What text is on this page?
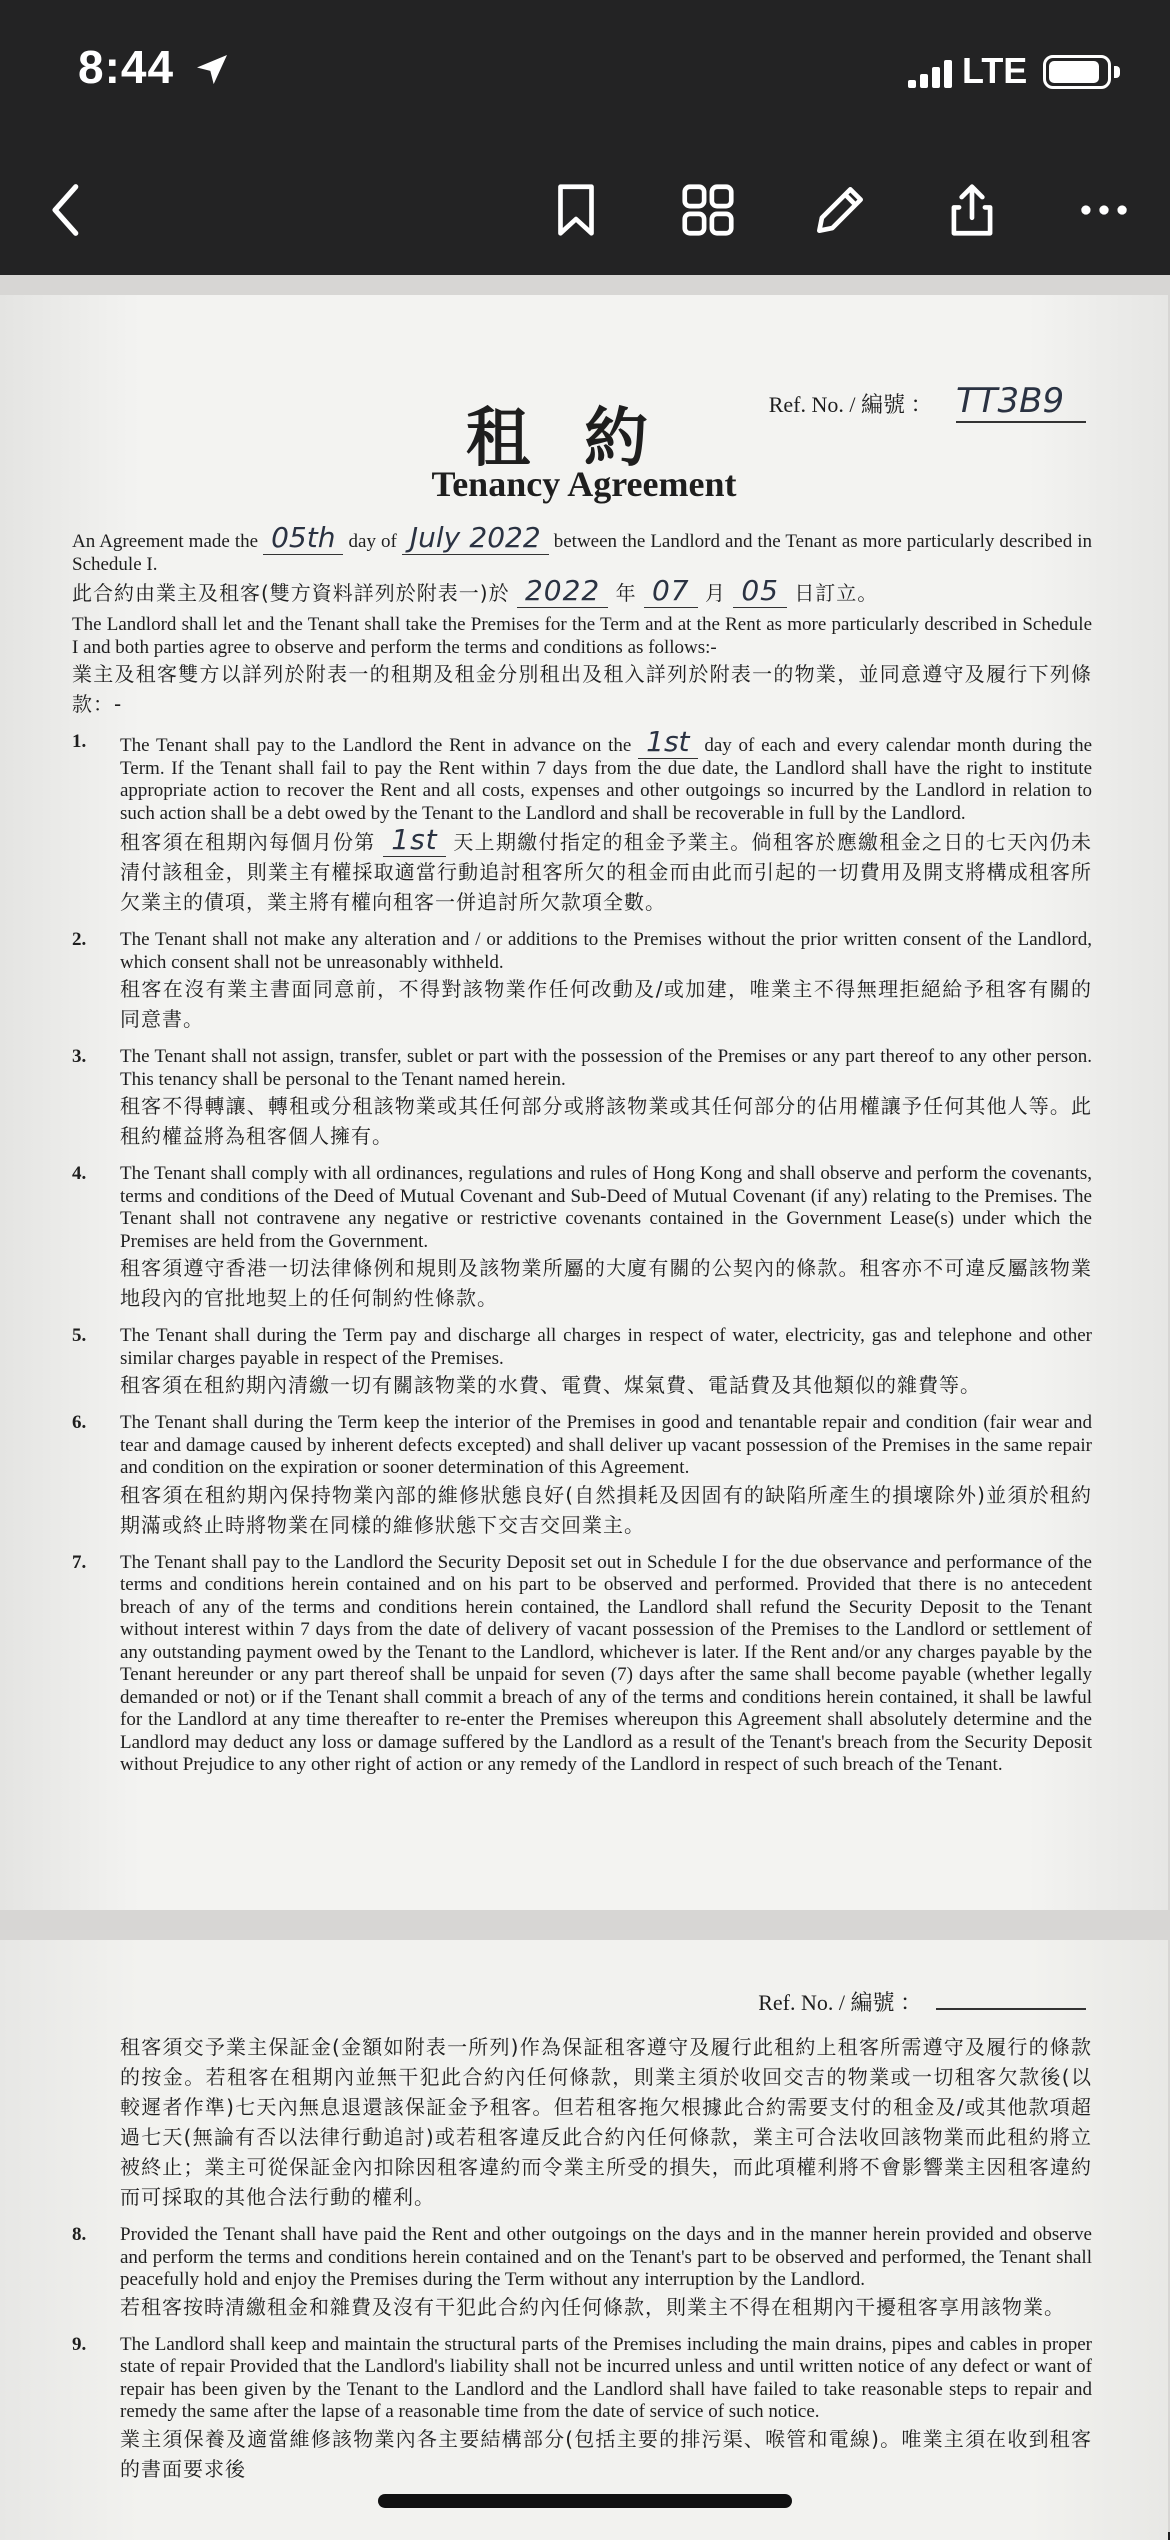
8:44	LTE
Ref. No. / 編號 ： TT3B9
租約
Tenancy Agreement

An Agreement made the 05th day of July 2022 between the Landlord and the Tenant as more particularly described in Schedule I.

此合約由業主及租客(雙方資料詳列於附表一)於 2022 年 07 月 05 日訂立。

The Landlord shall let and the Tenant shall take the Premises for the Term and at the Rent as more particularly described in Schedule I and both parties agree to observe and perform the terms and conditions as follows:-

業主及租客雙方以詳列於附表一的租期及租金分別租出及租入詳列於附表一的物業，並同意遵守及履行下列條款：-

1. The Tenant shall pay to the Landlord the Rent in advance on the 1st day of each and every calendar month during the Term. If the Tenant shall fail to pay the Rent within 7 days from the due date, the Landlord shall have the right to institute appropriate action to recover the Rent and all costs, expenses and other outgoings so incurred by the Landlord in relation to such action shall be a debt owed by the Tenant to the Landlord and shall be recoverable in full by the Landlord.

租客須在租期內每個月份第 1st 天上期繳付指定的租金予業主。倘租客於應繳租金之日的七天內仍未清付該租金，則業主有權採取適當行動追討租客所欠的租金而由此而引起的一切費用及開支將構成租客所欠業主的債項，業主將有權向租客一併追討所欠款項全數。

2. The Tenant shall not make any alteration and / or additions to the Premises without the prior written consent of the Landlord, which consent shall not be unreasonably withheld.

租客在沒有業主書面同意前，不得對該物業作任何改動及/或加建，唯業主不得無理拒絕給予租客有關的同意書。

3. The Tenant shall not assign, transfer, sublet or part with the possession of the Premises or any part thereof to any other person. This tenancy shall be personal to the Tenant named herein.

租客不得轉讓、轉租或分租該物業或其任何部分或將該物業或其任何部分的佔用權讓予任何其他人等。此租約權益將為租客個人擁有。

4. The Tenant shall comply with all ordinances, regulations and rules of Hong Kong and shall observe and perform the covenants, terms and conditions of the Deed of Mutual Covenant and Sub-Deed of Mutual Covenant (if any) relating to the Premises. The Tenant shall not contravene any negative or restrictive covenants contained in the Government Lease(s) under which the Premises are held from the Government.

租客須遵守香港一切法律條例和規則及該物業所屬的大廈有關的公契內的條款。租客亦不可違反屬該物業地段內的官批地契上的任何制約性條款。

5. The Tenant shall during the Term pay and discharge all charges in respect of water, electricity, gas and telephone and other similar charges payable in respect of the Premises.

租客須在租約期內清繳一切有關該物業的水費、電費、煤氣費、電話費及其他類似的雜費等。

6. The Tenant shall during the Term keep the interior of the Premises in good and tenantable repair and condition (fair wear and tear and damage caused by inherent defects excepted) and shall deliver up vacant possession of the Premises in the same repair and condition on the expiration or sooner determination of this Agreement.

租客須在租約期內保持物業內部的維修狀態良好(自然損耗及因固有的缺陷所產生的損壞除外)並須於租約期滿或終止時將物業在同樣的維修狀態下交吉交回業主。

7. The Tenant shall pay to the Landlord the Security Deposit set out in Schedule I for the due observance and performance of the terms and conditions herein contained and on his part to be observed and performed. Provided that there is no antecedent breach of any of the terms and conditions herein contained, the Landlord shall refund the Security Deposit to the Tenant without interest within 7 days from the date of delivery of vacant possession of the Premises to the Landlord or settlement of any outstanding payment owed by the Tenant to the Landlord, whichever is later. If the Rent and/or any charges payable by the Tenant hereunder or any part thereof shall be unpaid for seven (7) days after the same shall become payable (whether legally demanded or not) or if the Tenant shall commit a breach of any of the terms and conditions herein contained, it shall be lawful for the Landlord at any time thereafter to re-enter the Premises whereupon this Agreement shall absolutely determine and the Landlord may deduct any loss or damage suffered by the Landlord as a result of the Tenant's breach from the Security Deposit without Prejudice to any other right of action or any remedy of the Landlord in respect of such breach of the Tenant.

Ref. No. / 編號 ：

租客須交予業主保証金(金額如附表一所列)作為保証租客遵守及履行此租約上租客所需遵守及履行的條款的按金。若租客在租期內並無干犯此合約內任何條款，則業主須於收回交吉的物業或一切租客欠款後(以較遲者作準)七天內無息退還該保証金予租客。但若租客拖欠根據此合約需要支付的租金及/或其他款項超過七天(無論有否以法律行動追討)或若租客違反此合約內任何條款，業主可合法收回該物業而此租約將立被終止；業主可從保証金內扣除因租客違約而令業主所受的損失，而此項權利將不會影響業主因租客違約而可採取的其他合法行動的權利。

8. Provided the Tenant shall have paid the Rent and other outgoings on the days and in the manner herein provided and observe and perform the terms and conditions herein contained and on the Tenant's part to be observed and performed, the Tenant shall peacefully hold and enjoy the Premises during the Term without any interruption by the Landlord.

若租客按時清繳租金和雜費及沒有干犯此合約內任何條款，則業主不得在租期內干擾租客享用該物業。

9. The Landlord shall keep and maintain the structural parts of the Premises including the main drains, pipes and cables in proper state of repair Provided that the Landlord's liability shall not be incurred unless and until written notice of any defect or want of repair has been given by the Tenant to the Landlord and the Landlord shall have failed to take reasonable steps to repair and remedy the same after the lapse of a reasonable time from the date of service of such notice.

業主須保養及適當維修該物業內各主要結構部分(包括主要的排污渠、喉管和電線)。唯業主須在收到租客的書面要求後
